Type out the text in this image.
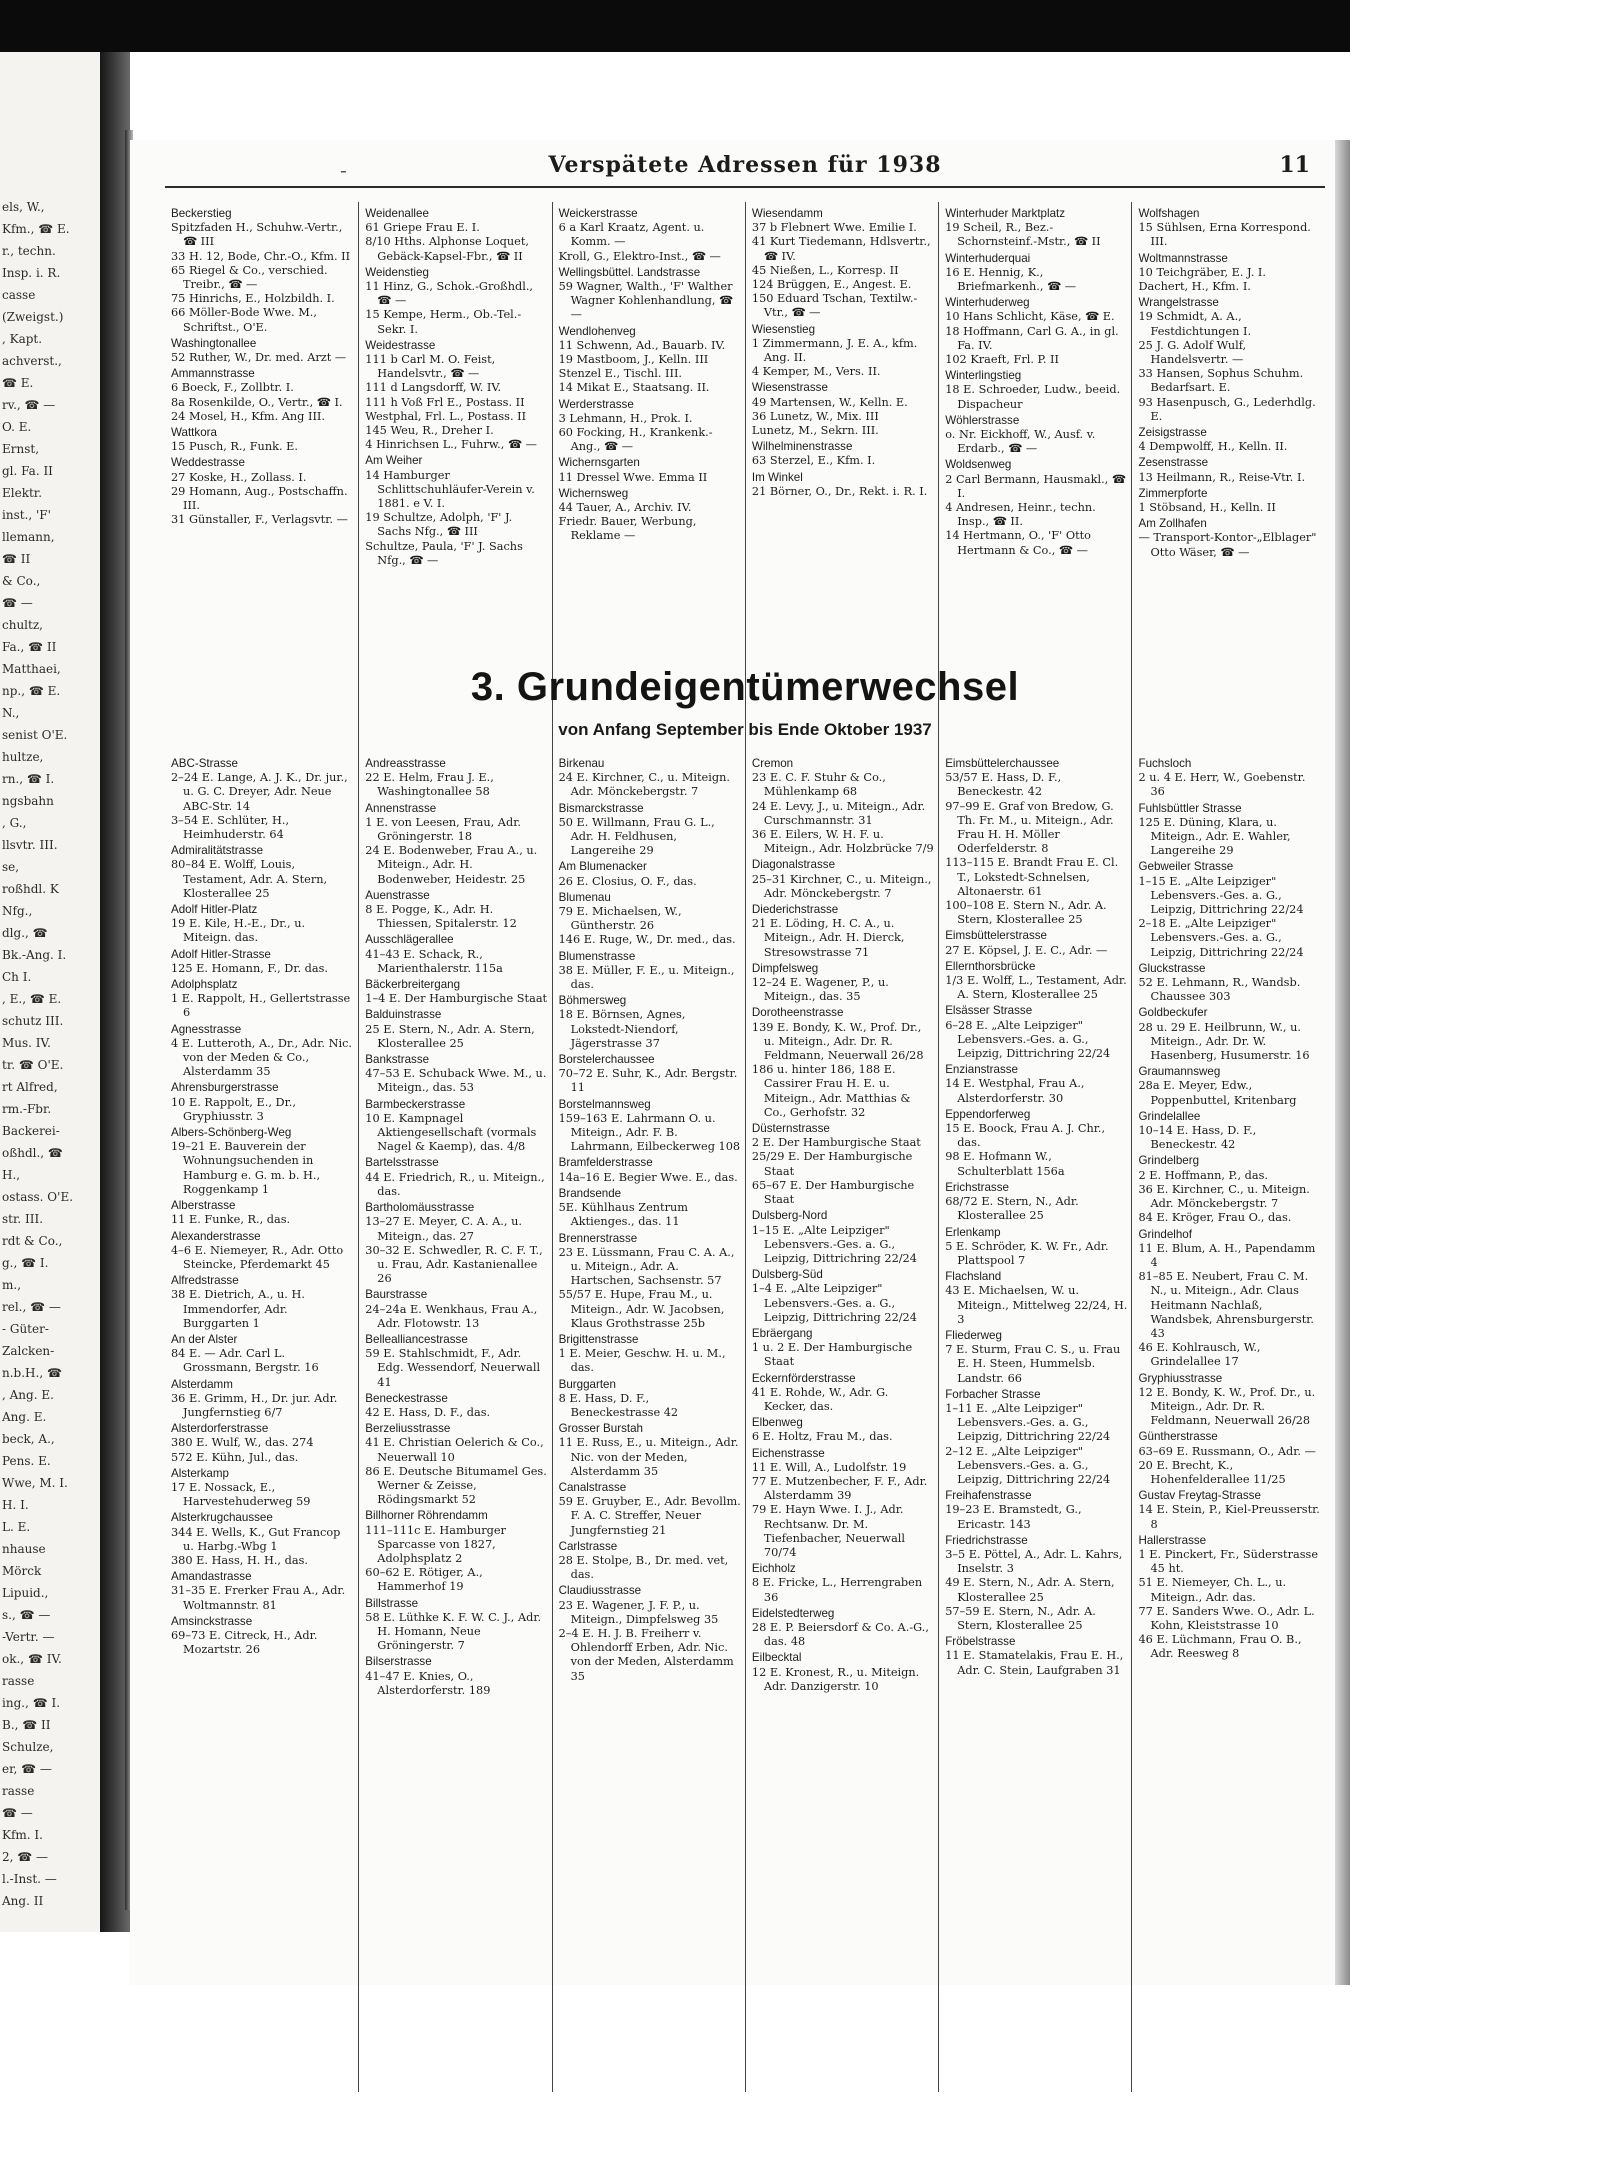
els, W.,
Kfm., ☎ E.
r., techn.
Insp. i. R.
casse
(Zweigst.)
, Kapt.
achverst.,
☎ E.
rv., ☎ —
O. E.
Ernst,
gl. Fa. II
Elektr.
inst., 'F'
llemann,
☎ II
& Co.,
☎ —
chultz,
Fa., ☎ II
Matthaei,
np., ☎ E.
N.,
senist O'E.
hultze,
rn., ☎ I.
ngsbahn
, G.,
llsvtr. III.
se,
roßhdl. K
Nfg.,
dlg., ☎
Bk.-Ang. I.
Ch I.
, E., ☎ E.
schutz III.
Mus. IV.
tr. ☎ O'E.
rt Alfred,
rm.-Fbr.
Backerei-
oßhdl., ☎
H.,
ostass. O'E.
str. III.
rdt & Co.,
g., ☎ I.
m.,
rel., ☎ —
- Güter-
Zalcken-
n.b.H., ☎
, Ang. E.
Ang. E.
beck, A.,
Pens. E.
Wwe, M. I.
H. I.
L. E.
nhause
Mörck
Lipuid.,
s., ☎ —
-Vertr. —
ok., ☎ IV.
rasse
ing., ☎ I.
B., ☎ II
Schulze,
er, ☎ —
rasse
☎ —
Kfm. I.
2, ☎ —
l.-Inst. —
Ang. II
-	Verspätete Adressen für 1938	11
Beckerstieg
Spitzfaden H., Schuhw.-Vertr., ☎ III
33 H. 12, Bode, Chr.-O., Kfm. II
65 Riegel & Co., verschied. Treibr., ☎ —
75 Hinrichs, E., Holzbildh. I.
66 Möller-Bode Wwe. M., Schriftst., O'E.
Washingtonallee
52 Ruther, W., Dr. med. Arzt —
Ammannstrasse
6 Boeck, F., Zollbtr. I.
8a Rosenkilde, O., Vertr., ☎ I.
24 Mosel, H., Kfm. Ang III.
Wattkora
15 Pusch, R., Funk. E.
Weddestrasse
27 Koske, H., Zollass. I.
29 Homann, Aug., Postschaffn. III.
31 Günstaller, F., Verlagsvtr. —
Weidenallee
61 Griepe Frau E. I.
8/10 Hths. Alphonse Loquet, Gebäck-Kapsel-Fbr., ☎ II
Weidenstieg
11 Hinz, G., Schok.-Großhdl., ☎ —
15 Kempe, Herm., Ob.-Tel.-Sekr. I.
Weidestrasse
111 b Carl M. O. Feist, Handelsvtr., ☎ —
111 d Langsdorff, W. IV.
111 h Voß Frl E., Postass. II
Westphal, Frl. L., Postass. II
145 Weu, R., Dreher I.
4 Hinrichsen L., Fuhrw., ☎ —
Am Weiher
14 Hamburger Schlittschuhläufer-Verein v. 1881. e V. I.
19 Schultze, Adolph, 'F' J. Sachs Nfg., ☎ III
Schultze, Paula, 'F' J. Sachs Nfg., ☎ —
Weickerstrasse
6 a Karl Kraatz, Agent. u. Komm. —
Kroll, G., Elektro-Inst., ☎ —
Wellingsbüttel. Landstrasse
59 Wagner, Walth., 'F' Walther Wagner Kohlenhandlung, ☎ —
Wendlohenveg
11 Schwenn, Ad., Bauarb. IV.
19 Mastboom, J., Kelln. III
Stenzel E., Tischl. III.
14 Mikat E., Staatsang. II.
Werderstrasse
3 Lehmann, H., Prok. I.
60 Focking, H., Krankenk.-Ang., ☎ —
Wichernsgarten
11 Dressel Wwe. Emma II
Wichernsweg
44 Tauer, A., Archiv. IV.
Friedr. Bauer, Werbung, Reklame —
Wiesendamm
37 b Flebnert Wwe. Emilie I.
41 Kurt Tiedemann, Hdlsvertr., ☎ IV.
45 Nießen, L., Korresp. II
124 Brüggen, E., Angest. E.
150 Eduard Tschan, Textilw.-Vtr., ☎ —
Wiesenstieg
1 Zimmermann, J. E. A., kfm. Ang. II.
4 Kemper, M., Vers. II.
Wiesenstrasse
49 Martensen, W., Kelln. E.
36 Lunetz, W., Mix. III
Lunetz, M., Sekrn. III.
Wilhelminenstrasse
63 Sterzel, E., Kfm. I.
Im Winkel
21 Börner, O., Dr., Rekt. i. R. I.
Winterhuder Marktplatz
19 Scheil, R., Bez.-Schornsteinf.-Mstr., ☎ II
Winterhuderquai
16 E. Hennig, K., Briefmarkenh., ☎ —
Winterhuderweg
10 Hans Schlicht, Käse, ☎ E.
18 Hoffmann, Carl G. A., in gl. Fa. IV.
102 Kraeft, Frl. P. II
Winterlingstieg
18 E. Schroeder, Ludw., beeid. Dispacheur
Wöhlerstrasse
o. Nr. Eickhoff, W., Ausf. v. Erdarb., ☎ —
Woldsenweg
2 Carl Bermann, Hausmakl., ☎ I.
4 Andresen, Heinr., techn. Insp., ☎ II.
14 Hertmann, O., 'F' Otto Hertmann & Co., ☎ —
Wolfshagen
15 Sühlsen, Erna Korrespond. III.
Woltmannstrasse
10 Teichgräber, E. J. I.
Dachert, H., Kfm. I.
Wrangelstrasse
19 Schmidt, A. A., Festdichtungen I.
25 J. G. Adolf Wulf, Handelsvertr. —
33 Hansen, Sophus Schuhm. Bedarfsart. E.
93 Hasenpusch, G., Lederhdlg. E.
Zeisigstrasse
4 Dempwolff, H., Kelln. II.
Zesenstrasse
13 Heilmann, R., Reise-Vtr. I.
Zimmerpforte
1 Stöbsand, H., Kelln. II
Am Zollhafen
— Transport-Kontor-„Elblager" Otto Wäser, ☎ —
3. Grundeigentümerwechsel
von Anfang September bis Ende Oktober 1937
ABC-Strasse
2–24 E. Lange, A. J. K., Dr. jur., u. G. C. Dreyer, Adr. Neue ABC-Str. 14
3–54 E. Schlüter, H., Heimhuderstr. 64
Admiralitätstrasse
80–84 E. Wolff, Louis, Testament, Adr. A. Stern, Klosterallee 25
Adolf Hitler-Platz
19 E. Kile, H.-E., Dr., u. Miteign. das.
Adolf Hitler-Strasse
125 E. Homann, F., Dr. das.
Adolphsplatz
1 E. Rappolt, H., Gellertstrasse 6
Agnesstrasse
4 E. Lutteroth, A., Dr., Adr. Nic. von der Meden & Co., Alsterdamm 35
Ahrensburgerstrasse
10 E. Rappolt, E., Dr., Gryphiusstr. 3
Albers-Schönberg-Weg
19–21 E. Bauverein der Wohnungsuchenden in Hamburg e. G. m. b. H., Roggenkamp 1
Alberstrasse
11 E. Funke, R., das.
Alexanderstrasse
4–6 E. Niemeyer, R., Adr. Otto Steincke, Pferdemarkt 45
Alfredstrasse
38 E. Dietrich, A., u. H. Immendorfer, Adr. Burggarten 1
An der Alster
84 E. — Adr. Carl L. Grossmann, Bergstr. 16
Alsterdamm
36 E. Grimm, H., Dr. jur. Adr. Jungfernstieg 6/7
Alsterdorferstrasse
380 E. Wulf, W., das. 274
572 E. Kühn, Jul., das.
Alsterkamp
17 E. Nossack, E., Harvestehuderweg 59
Alsterkrugchaussee
344 E. Wells, K., Gut Francop u. Harbg.-Wbg 1
380 E. Hass, H. H., das.
Amandastrasse
31–35 E. Frerker Frau A., Adr. Woltmannstr. 81
Amsinckstrasse
69–73 E. Citreck, H., Adr. Mozartstr. 26
Andreasstrasse
22 E. Helm, Frau J. E., Washingtonallee 58
Annenstrasse
1 E. von Leesen, Frau, Adr. Gröningerstr. 18
24 E. Bodenweber, Frau A., u. Miteign., Adr. H. Bodenweber, Heidestr. 25
Auenstrasse
8 E. Pogge, K., Adr. H. Thiessen, Spitalerstr. 12
Ausschlägerallee
41–43 E. Schack, R., Marienthalerstr. 115a
Bäckerbreitergang
1–4 E. Der Hamburgische Staat
Balduinstrasse
25 E. Stern, N., Adr. A. Stern, Klosterallee 25
Bankstrasse
47–53 E. Schuback Wwe. M., u. Miteign., das. 53
Barmbeckerstrasse
10 E. Kampnagel Aktiengesellschaft (vormals Nagel & Kaemp), das. 4/8
Bartelsstrasse
44 E. Friedrich, R., u. Miteign., das.
Bartholomäusstrasse
13–27 E. Meyer, C. A. A., u. Miteign., das. 27
30–32 E. Schwedler, R. C. F. T., u. Frau, Adr. Kastanienallee 26
Baurstrasse
24–24a E. Wenkhaus, Frau A., Adr. Flotowstr. 13
Bellealliancestrasse
59 E. Stahlschmidt, F., Adr. Edg. Wessendorf, Neuerwall 41
Beneckestrasse
42 E. Hass, D. F., das.
Berzeliusstrasse
41 E. Christian Oelerich & Co., Neuerwall 10
86 E. Deutsche Bitumamel Ges. Werner & Zeisse, Rödingsmarkt 52
Billhorner Röhrendamm
111–111c E. Hamburger Sparcasse von 1827, Adolphsplatz 2
60–62 E. Rötiger, A., Hammerhof 19
Billstrasse
58 E. Lüthke K. F. W. C. J., Adr. H. Homann, Neue Gröningerstr. 7
Bilserstrasse
41–47 E. Knies, O., Alsterdorferstr. 189
Birkenau
24 E. Kirchner, C., u. Miteign. Adr. Mönckebergstr. 7
Bismarckstrasse
50 E. Willmann, Frau G. L., Adr. H. Feldhusen, Langereihe 29
Am Blumenacker
26 E. Closius, O. F., das.
Blumenau
79 E. Michaelsen, W., Güntherstr. 26
146 E. Ruge, W., Dr. med., das.
Blumenstrasse
38 E. Müller, F. E., u. Miteign., das.
Böhmersweg
18 E. Börnsen, Agnes, Lokstedt-Niendorf, Jägerstrasse 37
Borstelerchaussee
70–72 E. Suhr, K., Adr. Bergstr. 11
Borstelmannsweg
159–163 E. Lahrmann O. u. Miteign., Adr. F. B. Lahrmann, Eilbeckerweg 108
Bramfelderstrasse
14a–16 E. Begier Wwe. E., das.
Brandsende
5E. Kühlhaus Zentrum Aktienges., das. 11
Brennerstrasse
23 E. Lüssmann, Frau C. A. A., u. Miteign., Adr. A. Hartschen, Sachsenstr. 57
55/57 E. Hupe, Frau M., u. Miteign., Adr. W. Jacobsen, Klaus Grothstrasse 25b
Brigittenstrasse
1 E. Meier, Geschw. H. u. M., das.
Burggarten
8 E. Hass, D. F., Beneckestrasse 42
Grosser Burstah
11 E. Russ, E., u. Miteign., Adr. Nic. von der Meden, Alsterdamm 35
Canalstrasse
59 E. Gruyber, E., Adr. Bevollm. F. A. C. Streffer, Neuer Jungfernstieg 21
Carlstrasse
28 E. Stolpe, B., Dr. med. vet, das.
Claudiusstrasse
23 E. Wagener, J. F. P., u. Miteign., Dimpfelsweg 35
2–4 E. H. J. B. Freiherr v. Ohlendorff Erben, Adr. Nic. von der Meden, Alsterdamm 35
Cremon
23 E. C. F. Stuhr & Co., Mühlenkamp 68
24 E. Levy, J., u. Miteign., Adr. Curschmannstr. 31
36 E. Eilers, W. H. F. u. Miteign., Adr. Holzbrücke 7/9
Diagonalstrasse
25–31 Kirchner, C., u. Miteign., Adr. Mönckebergstr. 7
Diederichstrasse
21 E. Löding, H. C. A., u. Miteign., Adr. H. Dierck, Stresowstrasse 71
Dimpfelsweg
12–24 E. Wagener, P., u. Miteign., das. 35
Dorotheenstrasse
139 E. Bondy, K. W., Prof. Dr., u. Miteign., Adr. Dr. R. Feldmann, Neuerwall 26/28
186 u. hinter 186, 188 E. Cassirer Frau H. E. u. Miteign., Adr. Matthias & Co., Gerhofstr. 32
Düsternstrasse
2 E. Der Hamburgische Staat
25/29 E. Der Hamburgische Staat
65–67 E. Der Hamburgische Staat
Dulsberg-Nord
1–15 E. „Alte Leipziger" Lebensvers.-Ges. a. G., Leipzig, Dittrichring 22/24
Dulsberg-Süd
1–4 E. „Alte Leipziger" Lebensvers.-Ges. a. G., Leipzig, Dittrichring 22/24
Ebräergang
1 u. 2 E. Der Hamburgische Staat
Eckernförderstrasse
41 E. Rohde, W., Adr. G. Kecker, das.
Elbenweg
6 E. Holtz, Frau M., das.
Eichenstrasse
11 E. Will, A., Ludolfstr. 19
77 E. Mutzenbecher, F. F., Adr. Alsterdamm 39
79 E. Hayn Wwe. I. J., Adr. Rechtsanw. Dr. M. Tiefenbacher, Neuerwall 70/74
Eichholz
8 E. Fricke, L., Herrengraben 36
Eidelstedterweg
28 E. P. Beiersdorf & Co. A.-G., das. 48
Eilbecktal
12 E. Kronest, R., u. Miteign. Adr. Danzigerstr. 10
Eimsbüttelerchaussee
53/57 E. Hass, D. F., Beneckestr. 42
97–99 E. Graf von Bredow, G. Th. Fr. M., u. Miteign., Adr. Frau H. H. Möller Oderfelderstr. 8
113–115 E. Brandt Frau E. Cl. T., Lokstedt-Schnelsen, Altonaerstr. 61
100–108 E. Stern N., Adr. A. Stern, Klosterallee 25
Eimsbüttelerstrasse
27 E. Köpsel, J. E. C., Adr. —
Ellernthorsbrücke
1/3 E. Wolff, L., Testament, Adr. A. Stern, Klosterallee 25
Elsässer Strasse
6–28 E. „Alte Leipziger" Lebensvers.-Ges. a. G., Leipzig, Dittrichring 22/24
Enzianstrasse
14 E. Westphal, Frau A., Alsterdorferstr. 30
Eppendorferweg
15 E. Boock, Frau A. J. Chr., das.
98 E. Hofmann W., Schulterblatt 156a
Erichstrasse
68/72 E. Stern, N., Adr. Klosterallee 25
Erlenkamp
5 E. Schröder, K. W. Fr., Adr. Plattspool 7
Flachsland
43 E. Michaelsen, W. u. Miteign., Mittelweg 22/24, H. 3
Fliederweg
7 E. Sturm, Frau C. S., u. Frau E. H. Steen, Hummelsb. Landstr. 66
Forbacher Strasse
1–11 E. „Alte Leipziger" Lebensvers.-Ges. a. G., Leipzig, Dittrichring 22/24
2–12 E. „Alte Leipziger" Lebensvers.-Ges. a. G., Leipzig, Dittrichring 22/24
Freihafenstrasse
19–23 E. Bramstedt, G., Ericastr. 143
Friedrichstrasse
3–5 E. Pöttel, A., Adr. L. Kahrs, Inselstr. 3
49 E. Stern, N., Adr. A. Stern, Klosterallee 25
57–59 E. Stern, N., Adr. A. Stern, Klosterallee 25
Fröbelstrasse
11 E. Stamatelakis, Frau E. H., Adr. C. Stein, Laufgraben 31
Fuchsloch
2 u. 4 E. Herr, W., Goebenstr. 36
Fuhlsbüttler Strasse
125 E. Düning, Klara, u. Miteign., Adr. E. Wahler, Langereihe 29
Gebweiler Strasse
1–15 E. „Alte Leipziger" Lebensvers.-Ges. a. G., Leipzig, Dittrichring 22/24
2–18 E. „Alte Leipziger" Lebensvers.-Ges. a. G., Leipzig, Dittrichring 22/24
Gluckstrasse
52 E. Lehmann, R., Wandsb. Chaussee 303
Goldbeckufer
28 u. 29 E. Heilbrunn, W., u. Miteign., Adr. Dr. W. Hasenberg, Husumerstr. 16
Graumannsweg
28a E. Meyer, Edw., Poppenbuttel, Kritenbarg
Grindelallee
10–14 E. Hass, D. F., Beneckestr. 42
Grindelberg
2 E. Hoffmann, P., das.
36 E. Kirchner, C., u. Miteign. Adr. Mönckebergstr. 7
84 E. Kröger, Frau O., das.
Grindelhof
11 E. Blum, A. H., Papendamm 4
81–85 E. Neubert, Frau C. M. N., u. Miteign., Adr. Claus Heitmann Nachlaß, Wandsbek, Ahrensburgerstr. 43
46 E. Kohlrausch, W., Grindelallee 17
Gryphiusstrasse
12 E. Bondy, K. W., Prof. Dr., u. Miteign., Adr. Dr. R. Feldmann, Neuerwall 26/28
Güntherstrasse
63–69 E. Russmann, O., Adr. —
20 E. Brecht, K., Hohenfelderallee 11/25
Gustav Freytag-Strasse
14 E. Stein, P., Kiel-Preusserstr. 8
Hallerstrasse
1 E. Pinckert, Fr., Süderstrasse 45 ht.
51 E. Niemeyer, Ch. L., u. Miteign., Adr. das.
77 E. Sanders Wwe. O., Adr. L. Kohn, Kleiststrasse 10
46 E. Lüchmann, Frau O. B., Adr. Reesweg 8
